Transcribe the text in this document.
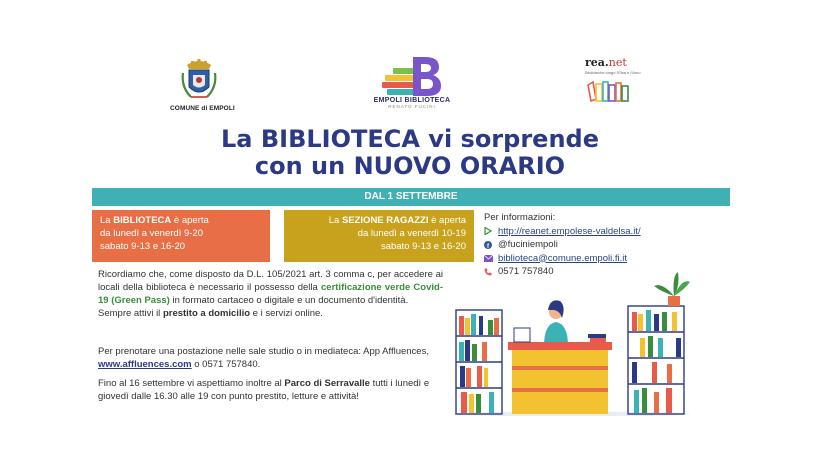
COMUNE di EMPOLI
EMPOLI BIBLIOTECA
RENATO FUCINI
rea.net
Biblioteche lungo l'Elsa e l'Arno
La BIBLIOTECA vi sorprende
con un NUOVO ORARIO
DAL 1 SETTEMBRE
La BIBLIOTECA è aperta
da lunedì a venerdì 9-20
sabato 9-13 e 16-20
La SEZIONE RAGAZZI è aperta
da lunedì a venerdì 10-19
sabato 9-13 e 16-20
Per informazioni:
http://reanet.empolese-valdelsa.it/
f @fuciniempoli
biblioteca@comune.empoli.fi.it
0571 757840
Ricordiamo che, come disposto da D.L. 105/2021 art. 3 comma c, per accedere ai locali della biblioteca è necessario il possesso della certificazione verde Covid-19 (Green Pass) in formato cartaceo o digitale e un documento d'identità.
Sempre attivi il prestito a domicilio e i servizi online.
Per prenotare una postazione nelle sale studio o in mediateca: App Affluences, www.affluences.com o 0571 757840.
Fino al 16 settembre vi aspettiamo inoltre al Parco di Serravalle tutti i lunedì e giovedì dalle 16.30 alle 19 con punto prestito, letture e attività!
